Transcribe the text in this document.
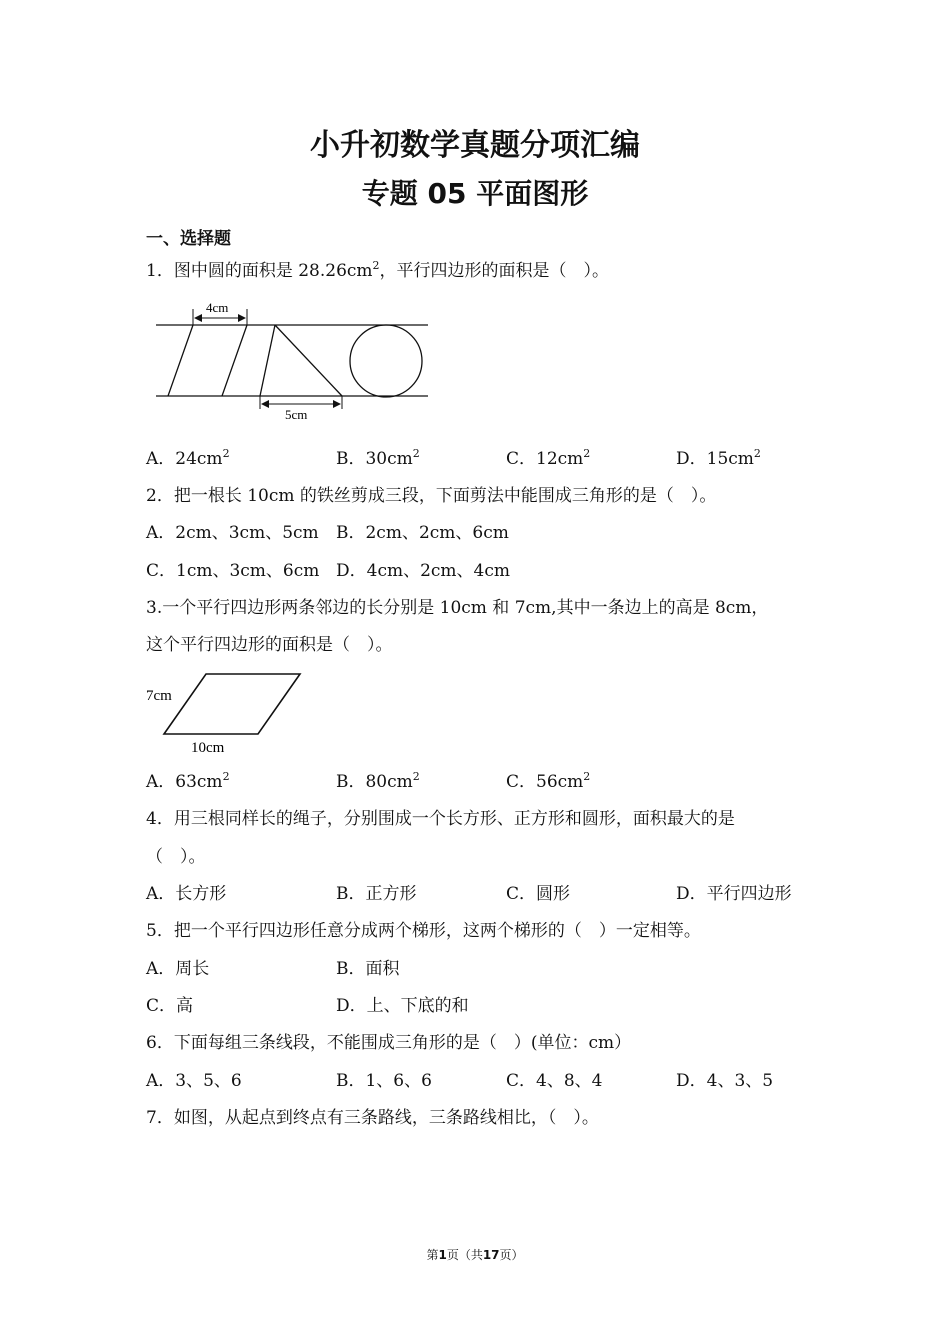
小升初数学真题分项汇编
专题 05 平面图形
一、选择题
1．图中圆的面积是 $28.26cm^2$，平行四边形的面积是（　）。
4cm
5cm
A．$24cm^2$	B．$30cm^2$	C．$12cm^2$	D．$15cm^2$
2．把一根长 10cm 的铁丝剪成三段，下面剪法中能围成三角形的是（　）。
A．2cm、3cm、5cm B．2cm、2cm、6cm
C．1cm、3cm、6cm D．4cm、2cm、4cm
3.一个平行四边形两条邻边的长分别是 10cm 和 7cm,其中一条边上的高是 8cm，
这个平行四边形的面积是（　）。
7cm
10cm
A．$63cm^2$	B．$80cm^2$	C．$56cm^2$
4．用三根同样长的绳子，分别围成一个长方形、正方形和圆形，面积最大的是
（　）。
A．长方形	B．正方形	C．圆形	D．平行四边形
5．把一个平行四边形任意分成两个梯形，这两个梯形的（　）一定相等。
A．周长	B．面积
C．高	D．上、下底的和
6．下面每组三条线段，不能围成三角形的是（　）(单位：cm）
A．3、5、6	B．1、6、6	C．4、8、4	D．4、3、5
7．如图，从起点到终点有三条路线，三条路线相比，（　）。
第1页（共17页）
